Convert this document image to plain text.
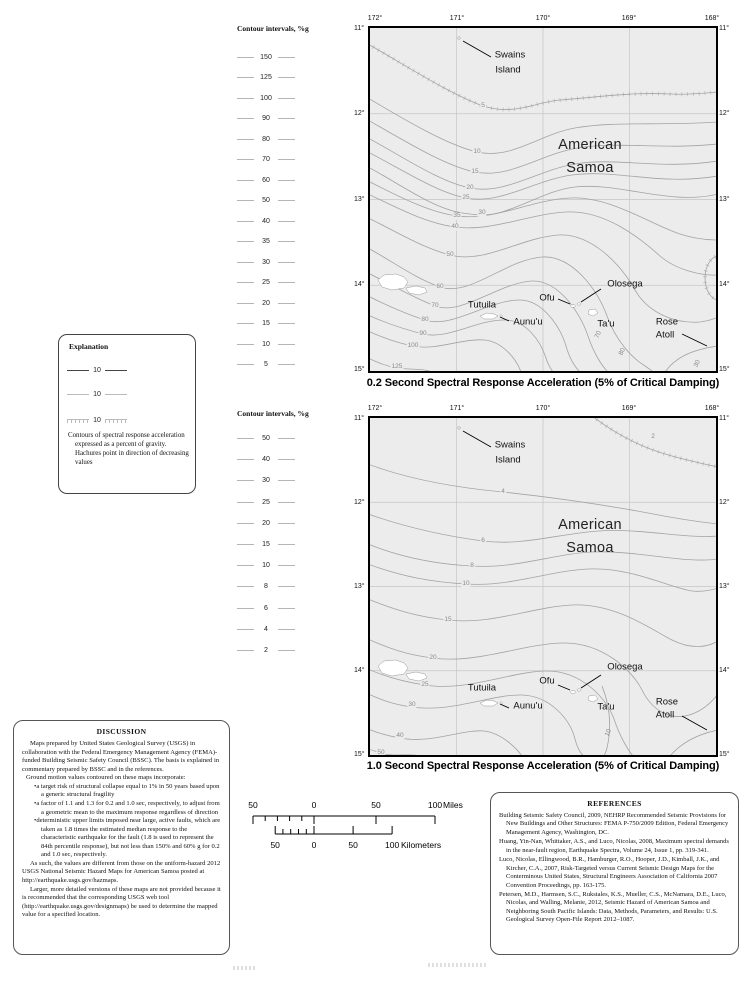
Contour intervals, %g
150
125
100
90
80
70
60
50
40
35
30
25
20
15
10
5
Contour intervals, %g
50
40
30
25
20
15
10
8
6
4
2
Explanation
10
10
10
Contours of spectral response acceleration expressed as a percent of gravity. Hachures point in direction of decreasing values
172°	171°	170°	169°	168°
11°
12°
13°
14°
15°
11°
12°
13°
14°
15°
5
10
15
20
25
30
35
40
50
60
70
80
90
100
125
70
80
30
Swains
Island
American
Samoa
Tutuila
Ofu
Olosega
Aunu'u	Ta'u	Rose
Atoll
0.2 Second Spectral Response Acceleration (5% of Critical Damping)
172°	171°	170°	169°	168°
11°
12°
13°
14°
15°
11°
12°
13°
14°
15°
2
4
6
8
10
15
20
25
30
40
50
10
Swains
Island
American
Samoa
Tutuila
Ofu
Olosega
Aunu'u	Ta'u	Rose
Atoll
1.0 Second Spectral Response Acceleration (5% of Critical Damping)
50	0	50	100 Miles
50	0	50	100 Kilometers
DISCUSSION

Maps prepared by United States Geological Survey (USGS) in collaboration with the Federal Emergency Management Agency (FEMA)-funded Building Seismic Safety Council (BSSC). The basis is explained in commentary prepared by BSSC and in the references.

Ground motion values contoured on these maps incorporate:

• a target risk of structural collapse equal to 1% in 50 years based upon a generic structural fragility
• a factor of 1.1 and 1.3 for 0.2 and 1.0 sec, respectively, to adjust from a geometric mean to the maximum response regardless of direction
• deterministic upper limits imposed near large, active faults, which are taken as 1.8 times the estimated median response to the characteristic earthquake for the fault (1.8 is used to represent the 84th percentile response), but not less than 150% and 60% g for 0.2 and 1.0 sec, respectively.

As such, the values are different from those on the uniform-hazard 2012 USGS National Seismic Hazard Maps for American Samoa posted at http://earthquake.usgs.gov/hazmaps.

Larger, more detailed versions of these maps are not provided because it is recommended that the corresponding USGS web tool (http://earthquake.usgs.gov/designmaps) be used to determine the mapped value for a specified location.

REFERENCES

Building Seismic Safety Council, 2009, NEHRP Recommended Seismic Provisions for New Buildings and Other Structures: FEMA P-750/2009 Edition, Federal Emergency Management Agency, Washington, DC.

Huang, Yin-Nan, Whittaker, A.S., and Luco, Nicolas, 2008, Maximum spectral demands in the near-fault region, Earthquake Spectra, Volume 24, Issue 1, pp. 319-341.

Luco, Nicolas, Ellingwood, B.R., Hamburger, R.O., Hooper, J.D., Kimball, J.K., and Kircher, C.A., 2007, Risk-Targeted versus Current Seismic Design Maps for the Conterminous United States, Structural Engineers Association of California 2007 Convention Proceedings, pp. 163-175.

Petersen, M.D., Harmsen, S.C., Rukstales, K.S., Mueller, C.S., McNamara, D.E., Luco, Nicolas, and Walling, Melanie, 2012, Seismic Hazard of American Samoa and Neighboring South Pacific Islands: Data, Methods, Parameters, and Results: U.S. Geological Survey Open-File Report 2012–1087.
